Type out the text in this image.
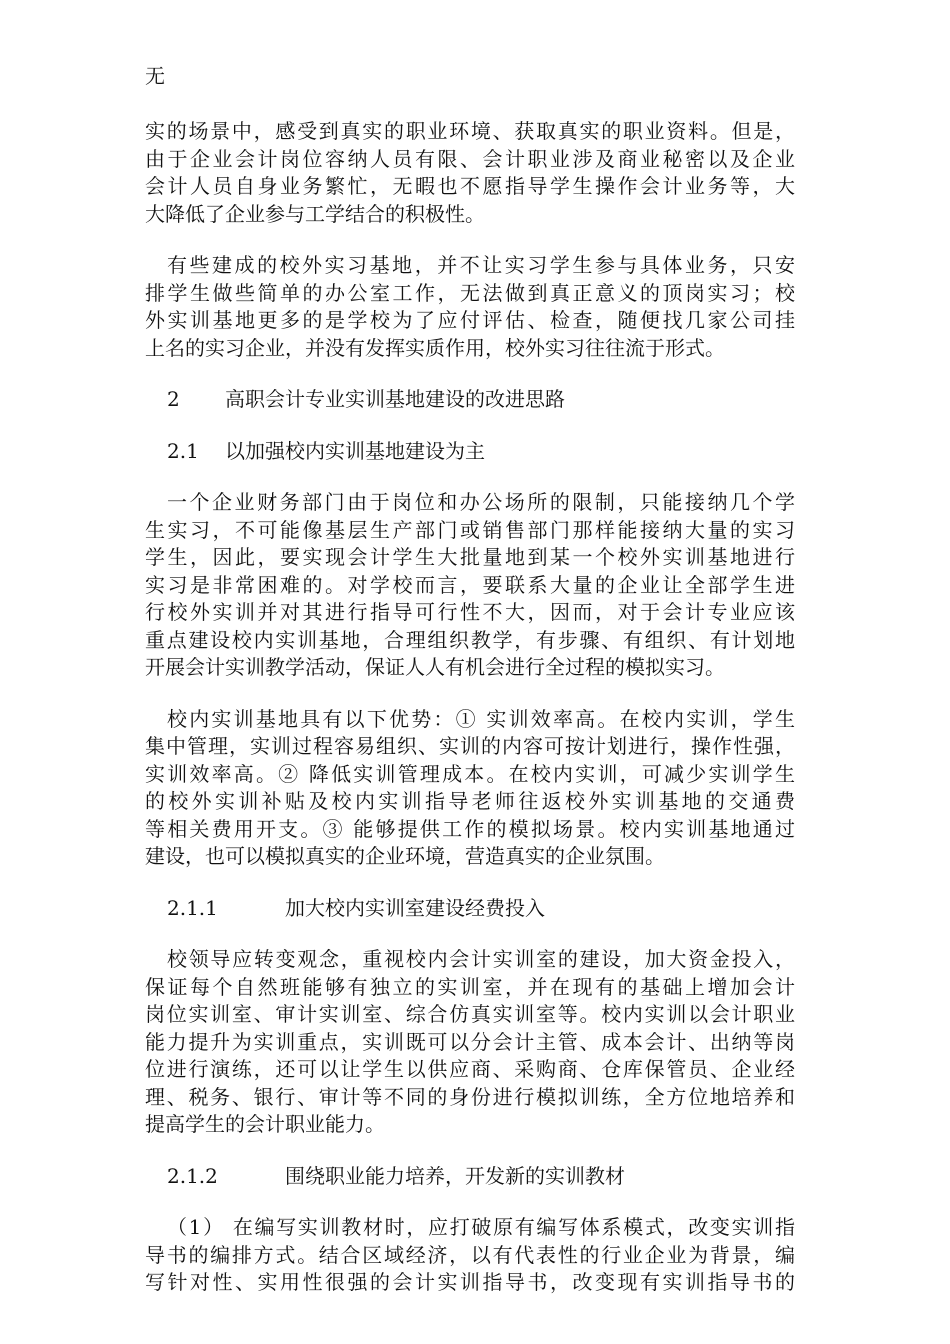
无
实的场景中，感受到真实的职业环境、获取真实的职业资料。但是，
由于企业会计岗位容纳人员有限、会计职业涉及商业秘密以及企业
会计人员自身业务繁忙，无暇也不愿指导学生操作会计业务等，大
大降低了企业参与工学结合的积极性。
有些建成的校外实习基地，并不让实习学生参与具体业务，只安
排学生做些简单的办公室工作，无法做到真正意义的顶岗实习；校
外实训基地更多的是学校为了应付评估、检查，随便找几家公司挂
上名的实习企业，并没有发挥实质作用，校外实习往往流于形式。
2 高职会计专业实训基地建设的改进思路
2.1 以加强校内实训基地建设为主
一个企业财务部门由于岗位和办公场所的限制，只能接纳几个学
生实习，不可能像基层生产部门或销售部门那样能接纳大量的实习
学生，因此，要实现会计学生大批量地到某一个校外实训基地进行
实习是非常困难的。对学校而言，要联系大量的企业让全部学生进
行校外实训并对其进行指导可行性不大，因而，对于会计专业应该
重点建设校内实训基地，合理组织教学，有步骤、有组织、有计划地
开展会计实训教学活动，保证人人有机会进行全过程的模拟实习。
校内实训基地具有以下优势：① 实训效率高。在校内实训，学生
集中管理，实训过程容易组织、实训的内容可按计划进行，操作性强，
实训效率高。② 降低实训管理成本。在校内实训，可减少实训学生
的校外实训补贴及校内实训指导老师往返校外实训基地的交通费
等相关费用开支。③ 能够提供工作的模拟场景。校内实训基地通过
建设，也可以模拟真实的企业环境，营造真实的企业氛围。
2.1.1	加大校内实训室建设经费投入
校领导应转变观念，重视校内会计实训室的建设，加大资金投入，
保证每个自然班能够有独立的实训室，并在现有的基础上增加会计
岗位实训室、审计实训室、综合仿真实训室等。校内实训以会计职业
能力提升为实训重点，实训既可以分会计主管、成本会计、出纳等岗
位进行演练，还可以让学生以供应商、采购商、仓库保管员、企业经
理、税务、银行、审计等不同的身份进行模拟训练，全方位地培养和
提高学生的会计职业能力。
2.1.2	围绕职业能力培养，开发新的实训教材
（1） 在编写实训教材时，应打破原有编写体系模式，改变实训指
导书的编排方式。结合区域经济，以有代表性的行业企业为背景，编
写针对性、实用性很强的会计实训指导书，改变现有实训指导书的
